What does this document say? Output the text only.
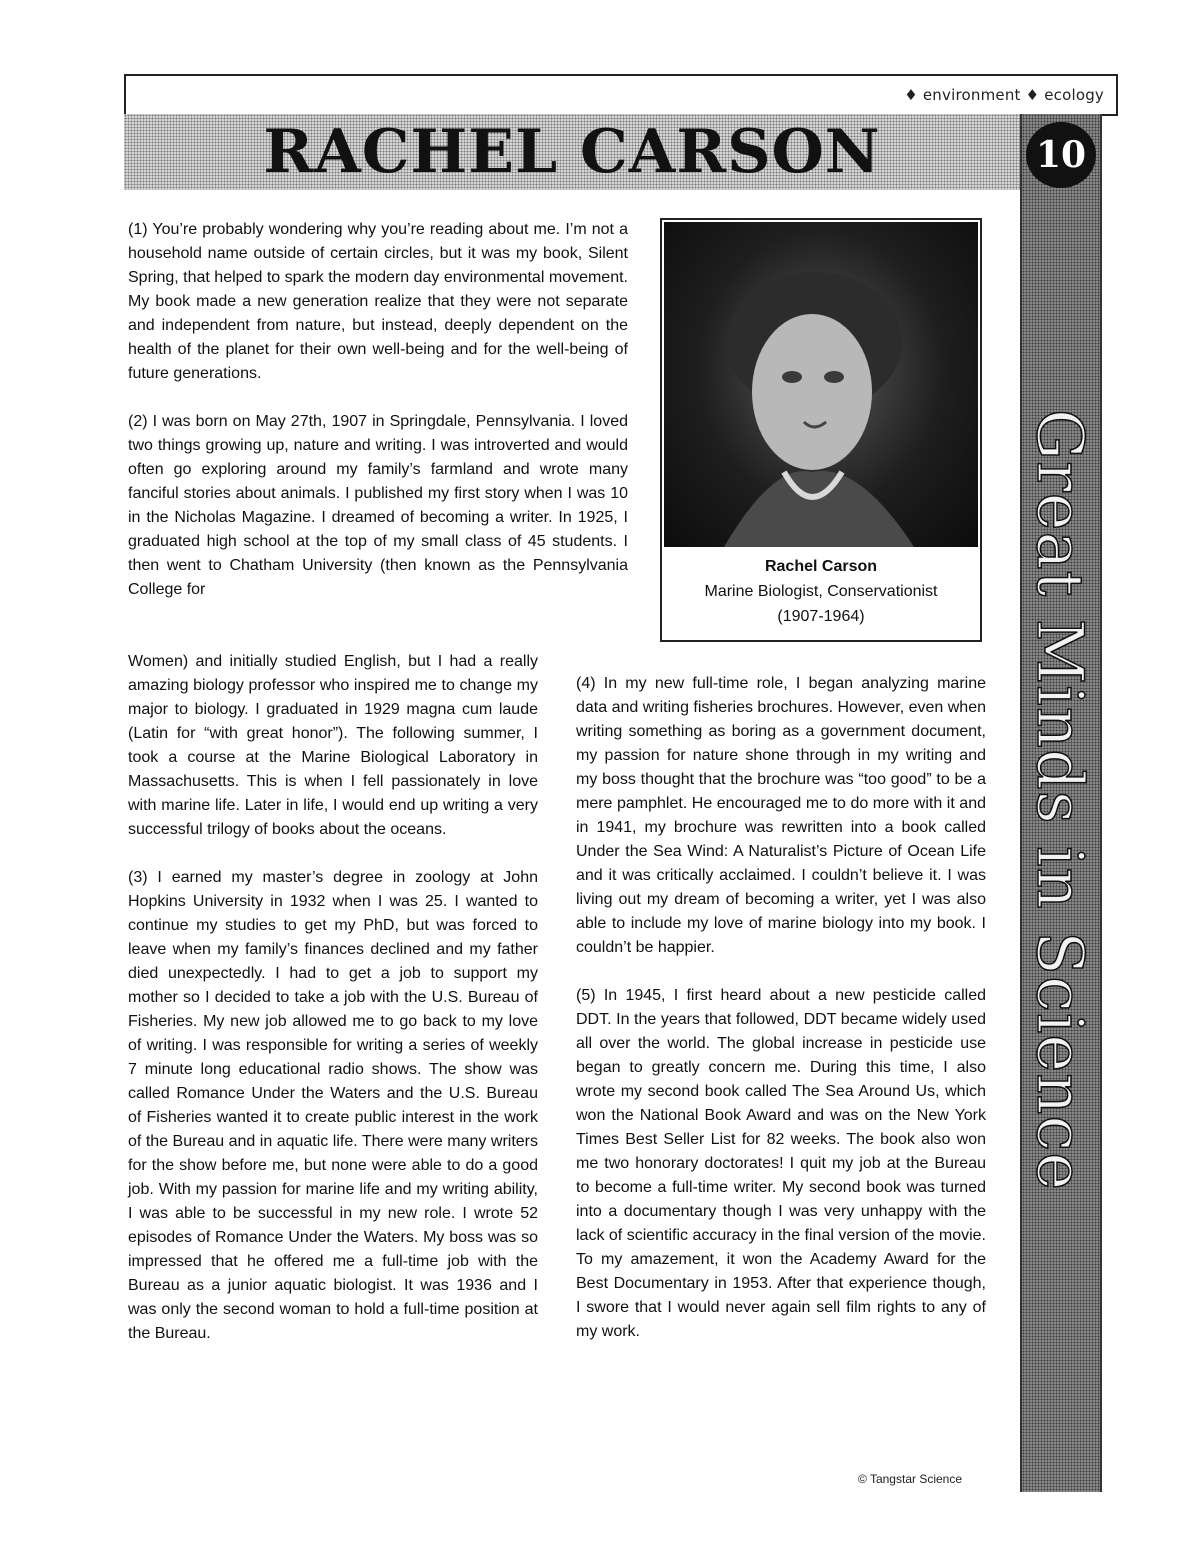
♦ environment ♦ ecology
RACHEL CARSON	10
Great Minds in Science

(1) You’re probably wondering why you’re reading about me. I’m not a household name outside of certain circles, but it was my book, Silent Spring, that helped to spark the modern day environmental movement. My book made a new generation realize that they were not separate and independent from nature, but instead, deeply dependent on the health of the planet for their own well-being and for the well-being of future generations.

(2) I was born on May 27th, 1907 in Springdale, Pennsylvania. I loved two things growing up, nature and writing. I was introverted and would often go exploring around my family’s farmland and wrote many fanciful stories about animals. I published my first story when I was 10 in the Nicholas Magazine. I dreamed of becoming a writer. In 1925, I graduated high school at the top of my small class of 45 students. I then went to Chatham University (then known as the Pennsylvania College for

Rachel Carson
Marine Biologist, Conservationist
(1907-1964)

Women) and initially studied English, but I had a really amazing biology professor who inspired me to change my major to biology. I graduated in 1929 magna cum laude (Latin for “with great honor”). The following summer, I took a course at the Marine Biological Laboratory in Massachusetts. This is when I fell passionately in love with marine life. Later in life, I would end up writing a very successful trilogy of books about the oceans.

(3) I earned my master’s degree in zoology at John Hopkins University in 1932 when I was 25. I wanted to continue my studies to get my PhD, but was forced to leave when my family’s finances declined and my father died unexpectedly. I had to get a job to support my mother so I decided to take a job with the U.S. Bureau of Fisheries. My new job allowed me to go back to my love of writing. I was responsible for writing a series of weekly 7 minute long educational radio shows. The show was called Romance Under the Waters and the U.S. Bureau of Fisheries wanted it to create public interest in the work of the Bureau and in aquatic life. There were many writers for the show before me, but none were able to do a good job. With my passion for marine life and my writing ability, I was able to be successful in my new role. I wrote 52 episodes of Romance Under the Waters. My boss was so impressed that he offered me a full-time job with the Bureau as a junior aquatic biologist. It was 1936 and I was only the second woman to hold a full-time position at the Bureau.

(4) In my new full-time role, I began analyzing marine data and writing fisheries brochures. However, even when writing something as boring as a government document, my passion for nature shone through in my writing and my boss thought that the brochure was “too good” to be a mere pamphlet. He encouraged me to do more with it and in 1941, my brochure was rewritten into a book called Under the Sea Wind: A Naturalist’s Picture of Ocean Life and it was critically acclaimed. I couldn’t believe it. I was living out my dream of becoming a writer, yet I was also able to include my love of marine biology into my book. I couldn’t be happier.

(5) In 1945, I first heard about a new pesticide called DDT. In the years that followed, DDT became widely used all over the world. The global increase in pesticide use began to greatly concern me. During this time, I also wrote my second book called The Sea Around Us, which won the National Book Award and was on the New York Times Best Seller List for 82 weeks. The book also won me two honorary doctorates! I quit my job at the Bureau to become a full-time writer. My second book was turned into a documentary though I was very unhappy with the lack of scientific accuracy in the final version of the movie. To my amazement, it won the Academy Award for the Best Documentary in 1953. After that experience though, I swore that I would never again sell film rights to any of my work.

© Tangstar Science
